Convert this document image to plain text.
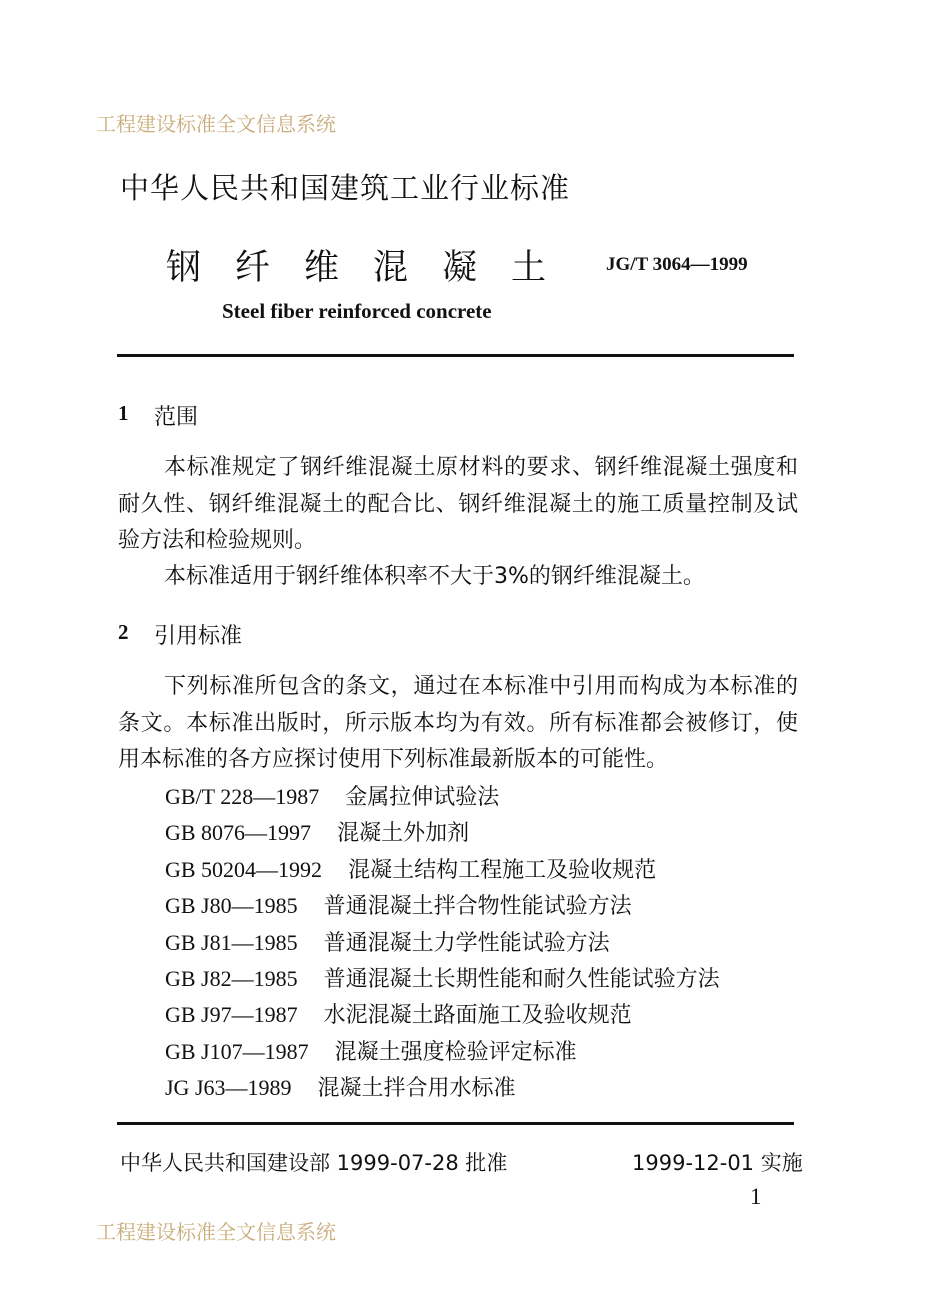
工程建设标准全文信息系统
中华人民共和国建筑工业行业标准
钢纤维混凝土 JG/T 3064—1999
Steel fiber reinforced concrete
1 范围
本标准规定了钢纤维混凝土原材料的要求、钢纤维混凝土强度和耐久性、钢纤维混凝土的配合比、钢纤维混凝土的施工质量控制及试验方法和检验规则。
本标准适用于钢纤维体积率不大于3%的钢纤维混凝土。
2 引用标准
下列标准所包含的条文，通过在本标准中引用而构成为本标准的条文。本标准出版时，所示版本均为有效。所有标准都会被修订，使用本标准的各方应探讨使用下列标准最新版本的可能性。
GB/T 228—1987 金属拉伸试验法
GB 8076—1997 混凝土外加剂
GB 50204—1992 混凝土结构工程施工及验收规范
GB J80—1985 普通混凝土拌合物性能试验方法
GB J81—1985 普通混凝土力学性能试验方法
GB J82—1985 普通混凝土长期性能和耐久性能试验方法
GB J97—1987 水泥混凝土路面施工及验收规范
GB J107—1987 混凝土强度检验评定标准
JG J63—1989 混凝土拌合用水标准
中华人民共和国建设部 1999-07-28 批准	1999-12-01 实施
1
工程建设标准全文信息系统
